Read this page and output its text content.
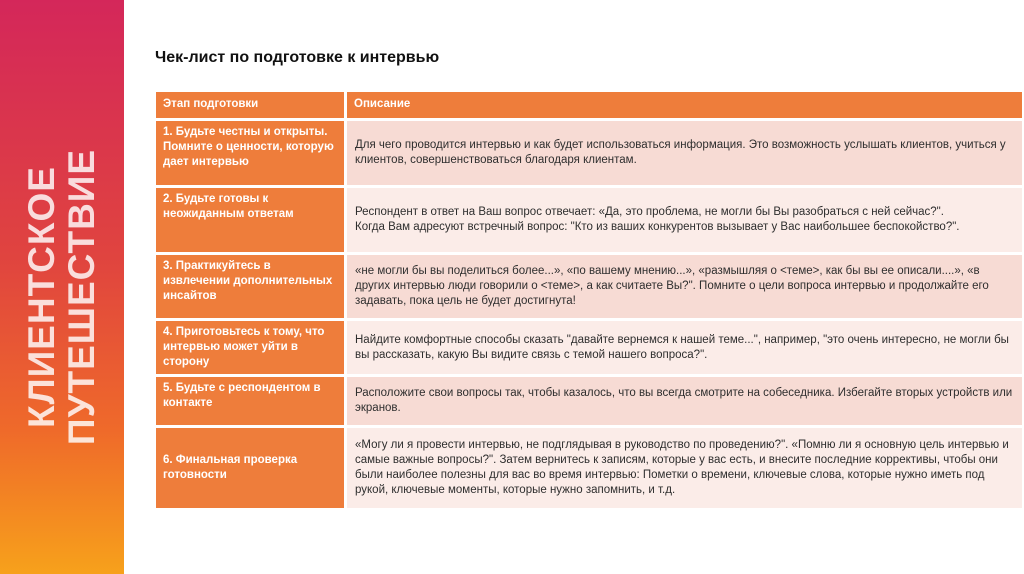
КЛИЕНТСКОЕ ПУТЕШЕСТВИЕ
Чек-лист по подготовке к интервью
Этап подготовки	Описание
1. Будьте честны и открыты. Помните о ценности, которую дает интервью	Для чего проводится интервью и как будет использоваться информация. Это возможность услышать клиентов, учиться у клиентов, совершенствоваться благодаря клиентам.

2. Будьте готовы к неожиданным ответам	Респондент в ответ на Ваш вопрос отвечает: «Да, это проблема, не могли бы Вы разобраться с ней сейчас?".
Когда Вам адресуют встречный вопрос: "Кто из ваших конкурентов вызывает у Вас наибольшее беспокойство?".

3. Практикуйтесь в извлечении дополнительных инсайтов	«не могли бы вы поделиться более...», «по вашему мнению...», «размышляя о <теме>, как бы вы ее описали....», «в других интервью люди говорили о <теме>, а как считаете Вы?". Помните о цели вопроса интервью и продолжайте его задавать, пока цель не будет достигнута!

4. Приготовьтесь к тому, что интервью может уйти в сторону	Найдите комфортные способы сказать "давайте вернемся к нашей теме...", например, "это очень интересно, не могли бы вы рассказать, какую Вы видите связь с темой нашего вопроса?".

5. Будьте с респондентом в контакте	Расположите свои вопросы так, чтобы казалось, что вы всегда смотрите на собеседника. Избегайте вторых устройств или экранов.

6. Финальная проверка готовности	«Могу ли я провести интервью, не подглядывая в руководство по проведению?". «Помню ли я основную цель интервью и самые важные вопросы?". Затем вернитесь к записям, которые у вас есть, и внесите последние коррективы, чтобы они были наиболее полезны для вас во время интервью: Пометки о времени, ключевые слова, которые нужно иметь под рукой, ключевые моменты, которые нужно запомнить, и т.д.
